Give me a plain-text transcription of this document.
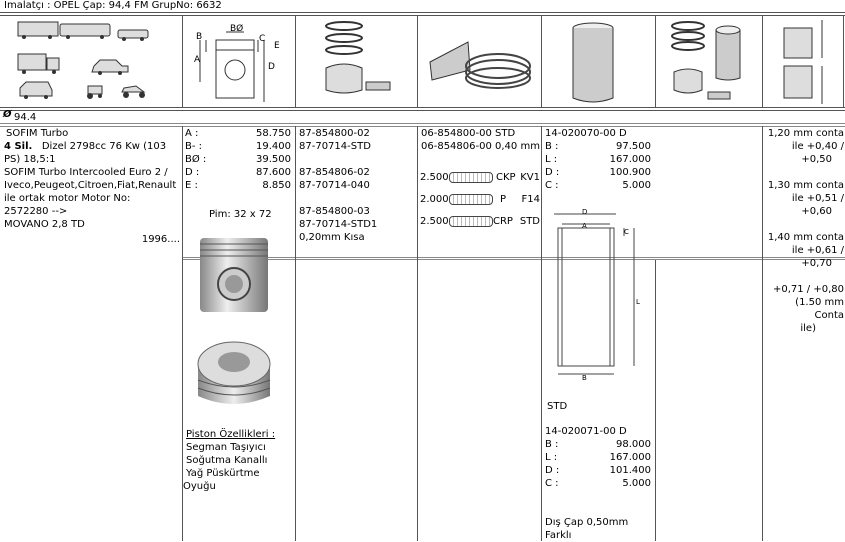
İmalatçı : OPEL Çap: 94,4 FM GrupNo: 6632
B
BØ
A
C
E
D
Ø 94.4
SOFIM Turbo
4 Sil. Dizel 2798cc 76 Kw (103
PS) 18,5:1
SOFIM Turbo Intercooled Euro 2 /
Iveco,Peugeot,Citroen,Fiat,Renault
ile ortak motor Motor No:
2572280 -->
MOVANO 2,8 TD
1996....
A :	58.750
B- :	19.400
BØ :	39.500
D :	87.600
E :	8.850
Pim: 32 x 72
Piston Özellikleri :
Segman Taşıyıcı
Soğutma Kanallı
Yağ Püskürtme
Oyuğu
87-854800-02
87-70714-STD
87-854806-02
87-70714-040
87-854800-03
87-70714-STD1
0,20mm Kısa
06-854800-00 STD
06-854806-00 0,40 mm
2.500	CKP KV1
2.000	P F14
2.500	CRP STD
14-020070-00 D
B :	97.500
L :	167.000
D :	100.900
C :	5.000
D
A
C
L
B
STD
14-020071-00 D
B :	98.000
L :	167.000
D :	101.400
C :	5.000
Dış Çap 0,50mm
Farklı
1,20 mm conta
ile +0,40 /
+0,50
1,30 mm conta
ile +0,51 /
+0,60
1,40 mm conta
ile +0,61 /
+0,70
+0,71 / +0,80
(1.50 mm Conta
ile)
